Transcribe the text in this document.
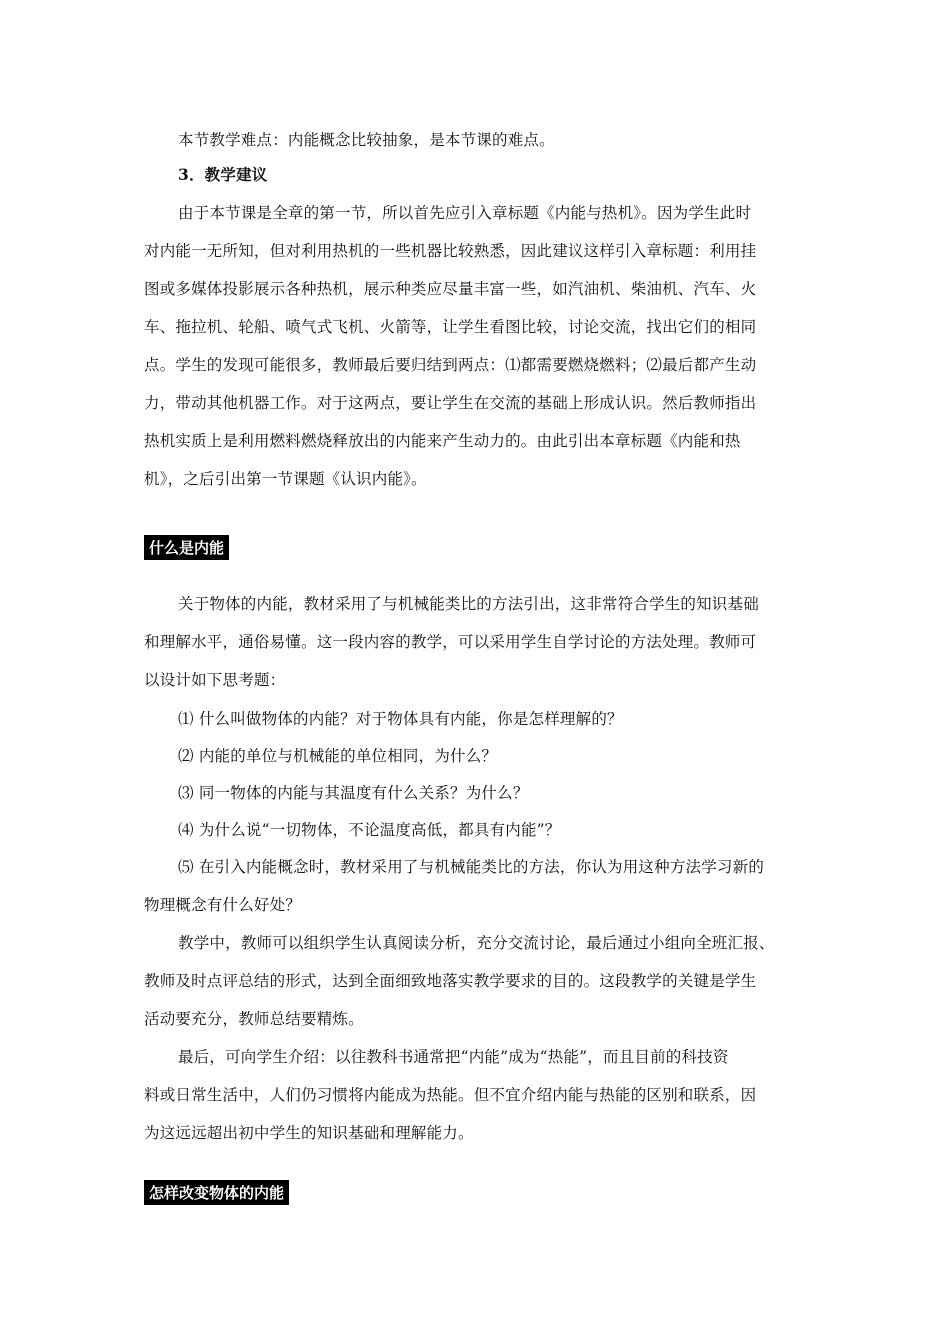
本节教学难点：内能概念比较抽象，是本节课的难点。
3．教学建议
由于本节课是全章的第一节，所以首先应引入章标题《内能与热机》。因为学生此时
对内能一无所知，但对利用热机的一些机器比较熟悉，因此建议这样引入章标题：利用挂
图或多媒体投影展示各种热机，展示种类应尽量丰富一些，如汽油机、柴油机、汽车、火
车、拖拉机、轮船、喷气式飞机、火箭等，让学生看图比较，讨论交流，找出它们的相同
点。学生的发现可能很多，教师最后要归结到两点：⑴都需要燃烧燃料；⑵最后都产生动
力，带动其他机器工作。对于这两点，要让学生在交流的基础上形成认识。然后教师指出
热机实质上是利用燃料燃烧释放出的内能来产生动力的。由此引出本章标题《内能和热
机》，之后引出第一节课题《认识内能》。
什么是内能
关于物体的内能，教材采用了与机械能类比的方法引出，这非常符合学生的知识基础
和理解水平，通俗易懂。这一段内容的教学，可以采用学生自学讨论的方法处理。教师可
以设计如下思考题：
⑴ 什么叫做物体的内能？对于物体具有内能，你是怎样理解的？
⑵ 内能的单位与机械能的单位相同，为什么？
⑶ 同一物体的内能与其温度有什么关系？为什么？
⑷ 为什么说“一切物体，不论温度高低，都具有内能”？
⑸ 在引入内能概念时，教材采用了与机械能类比的方法，你认为用这种方法学习新的
物理概念有什么好处？
教学中，教师可以组织学生认真阅读分析，充分交流讨论，最后通过小组向全班汇报、
教师及时点评总结的形式，达到全面细致地落实教学要求的目的。这段教学的关键是学生
活动要充分，教师总结要精炼。
最后，可向学生介绍：以往教科书通常把“内能”成为“热能”，而且目前的科技资
料或日常生活中，人们仍习惯将内能成为热能。但不宜介绍内能与热能的区别和联系，因
为这远远超出初中学生的知识基础和理解能力。
怎样改变物体的内能
